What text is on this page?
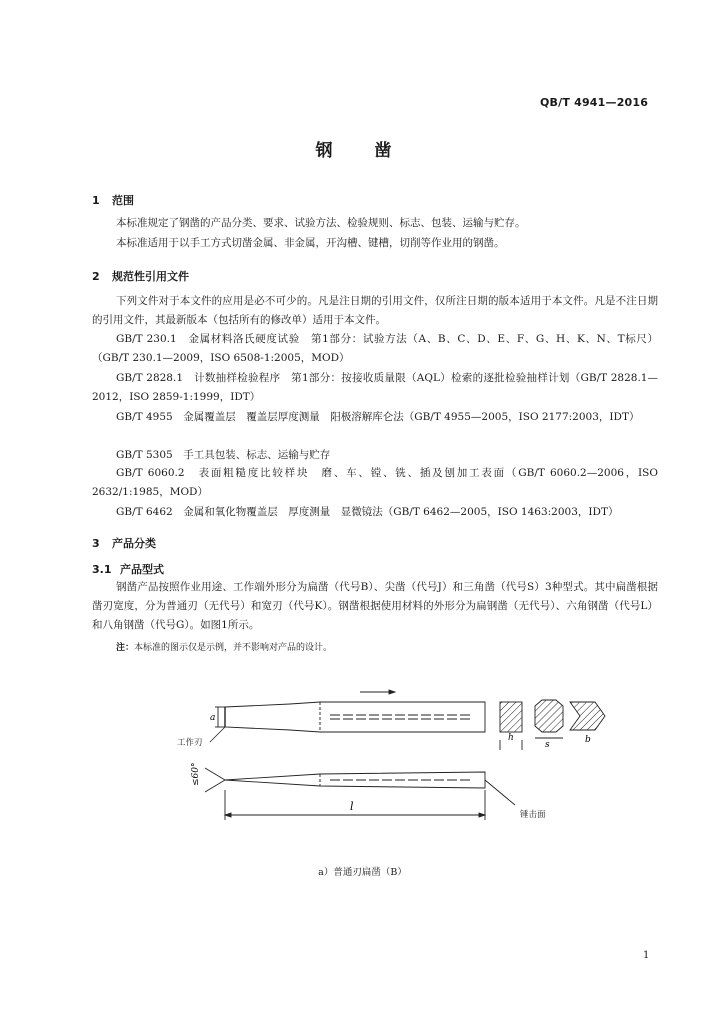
QB/T 4941—2016
钢 凿
1 范围
本标准规定了钢凿的产品分类、要求、试验方法、检验规则、标志、包装、运输与贮存。
本标准适用于以手工方式切凿金属、非金属，开沟槽、键槽，切削等作业用的钢凿。
2 规范性引用文件
下列文件对于本文件的应用是必不可少的。凡是注日期的引用文件，仅所注日期的版本适用于本文件。凡是不注日期的引用文件，其最新版本（包括所有的修改单）适用于本文件。
GB/T 230.1　金属材料洛氏硬度试验　第1部分：试验方法（A、B、C、D、E、F、G、H、K、N、T标尺）（GB/T 230.1—2009，ISO 6508-1:2005，MOD）
GB/T 2828.1　计数抽样检验程序　第1部分：按接收质量限（AQL）检索的逐批检验抽样计划（GB/T 2828.1—2012，ISO 2859-1:1999，IDT）
GB/T 4955　金属覆盖层　覆盖层厚度测量　阳极溶解库仑法（GB/T 4955—2005，ISO 2177:2003，IDT）
GB/T 5305　手工具包装、标志、运输与贮存
GB/T 6060.2　表面粗糙度比较样块　磨、车、镗、铣、插及刨加工表面（GB/T 6060.2—2006，ISO 2632/1:1985，MOD）
GB/T 6462　金属和氧化物覆盖层　厚度测量　显微镜法（GB/T 6462—2005，ISO 1463:2003，IDT）
3 产品分类
3.1 产品型式
钢凿产品按照作业用途、工作端外形分为扁凿（代号B）、尖凿（代号J）和三角凿（代号S）3种型式。其中扁凿根据凿刃宽度，分为普通刃（无代号）和宽刃（代号K）。钢凿根据使用材料的外形分为扁钢凿（无代号）、六角钢凿（代号L）和八角钢凿（代号G）。如图1所示。
注：本标准的图示仅是示例，并不影响对产品的设计。
a
h
s	b
≤60°
l
工作刃
锤击面
a）普通刃扁凿（B）
1
